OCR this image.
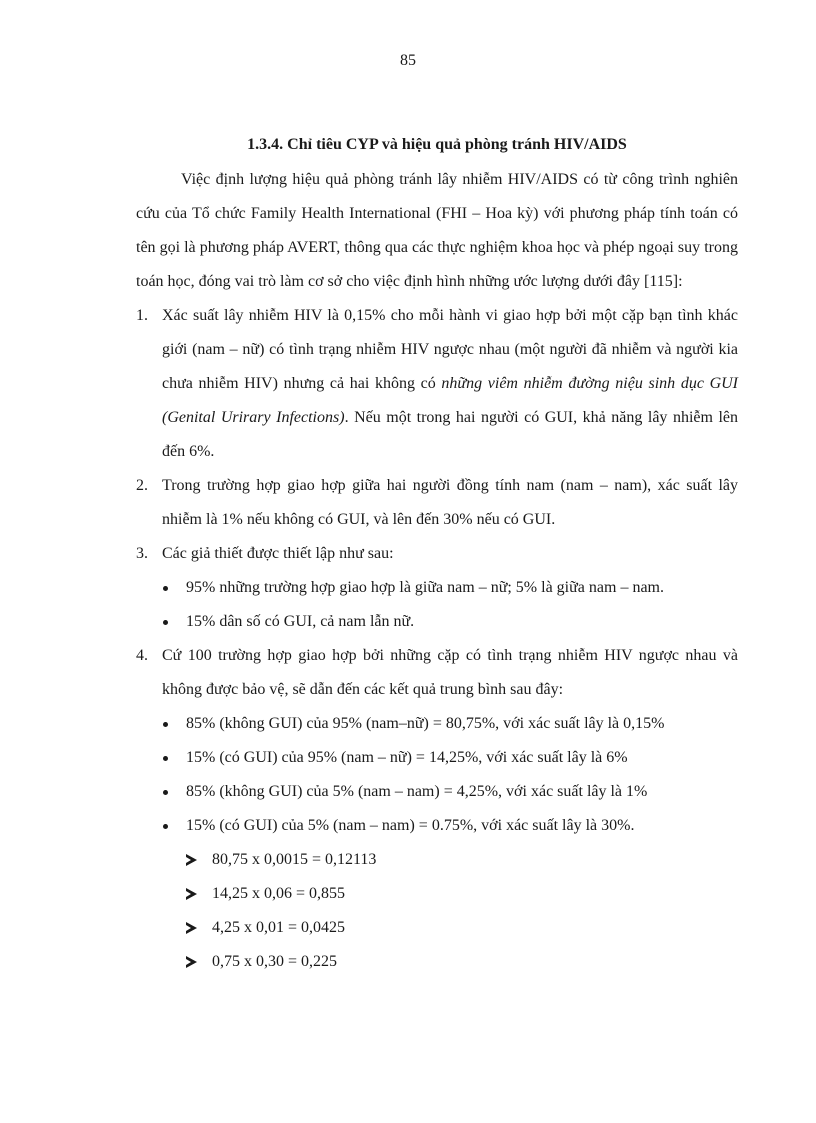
85

1.3.4. Chỉ tiêu CYP và hiệu quả phòng tránh HIV/AIDS

Việc định lượng hiệu quả phòng tránh lây nhiễm HIV/AIDS có từ công trình nghiên cứu của Tổ chức Family Health International (FHI – Hoa kỳ) với phương pháp tính toán có tên gọi là phương pháp AVERT, thông qua các thực nghiệm khoa học và phép ngoại suy trong toán học, đóng vai trò làm cơ sở cho việc định hình những ước lượng dưới đây [115]:

1. Xác suất lây nhiễm HIV là 0,15% cho mỗi hành vi giao hợp bởi một cặp bạn tình khác giới (nam – nữ) có tình trạng nhiễm HIV ngược nhau (một người đã nhiễm và người kia chưa nhiễm HIV) nhưng cả hai không có những viêm nhiễm đường niệu sinh dục GUI (Genital Urirary Infections). Nếu một trong hai người có GUI, khả năng lây nhiễm lên đến 6%.
2. Trong trường hợp giao hợp giữa hai người đồng tính nam (nam – nam), xác suất lây nhiễm là 1% nếu không có GUI, và lên đến 30% nếu có GUI.
3. Các giả thiết được thiết lập như sau:
95% những trường hợp giao hợp là giữa nam – nữ; 5% là giữa nam – nam.
15% dân số có GUI, cả nam lẫn nữ.
4. Cứ 100 trường hợp giao hợp bởi những cặp có tình trạng nhiễm HIV ngược nhau và không được bảo vệ, sẽ dẫn đến các kết quả trung bình sau đây:
85% (không GUI) của 95% (nam–nữ) = 80,75%, với xác suất lây là 0,15%
15% (có GUI) của 95% (nam – nữ) = 14,25%, với xác suất lây là 6%
85% (không GUI) của 5% (nam – nam) = 4,25%, với xác suất lây là 1%
15% (có GUI) của 5% (nam – nam) = 0.75%, với xác suất lây là 30%.
80,75 x 0,0015 = 0,12113
14,25 x 0,06 = 0,855
4,25 x 0,01 = 0,0425
0,75 x 0,30 = 0,225
